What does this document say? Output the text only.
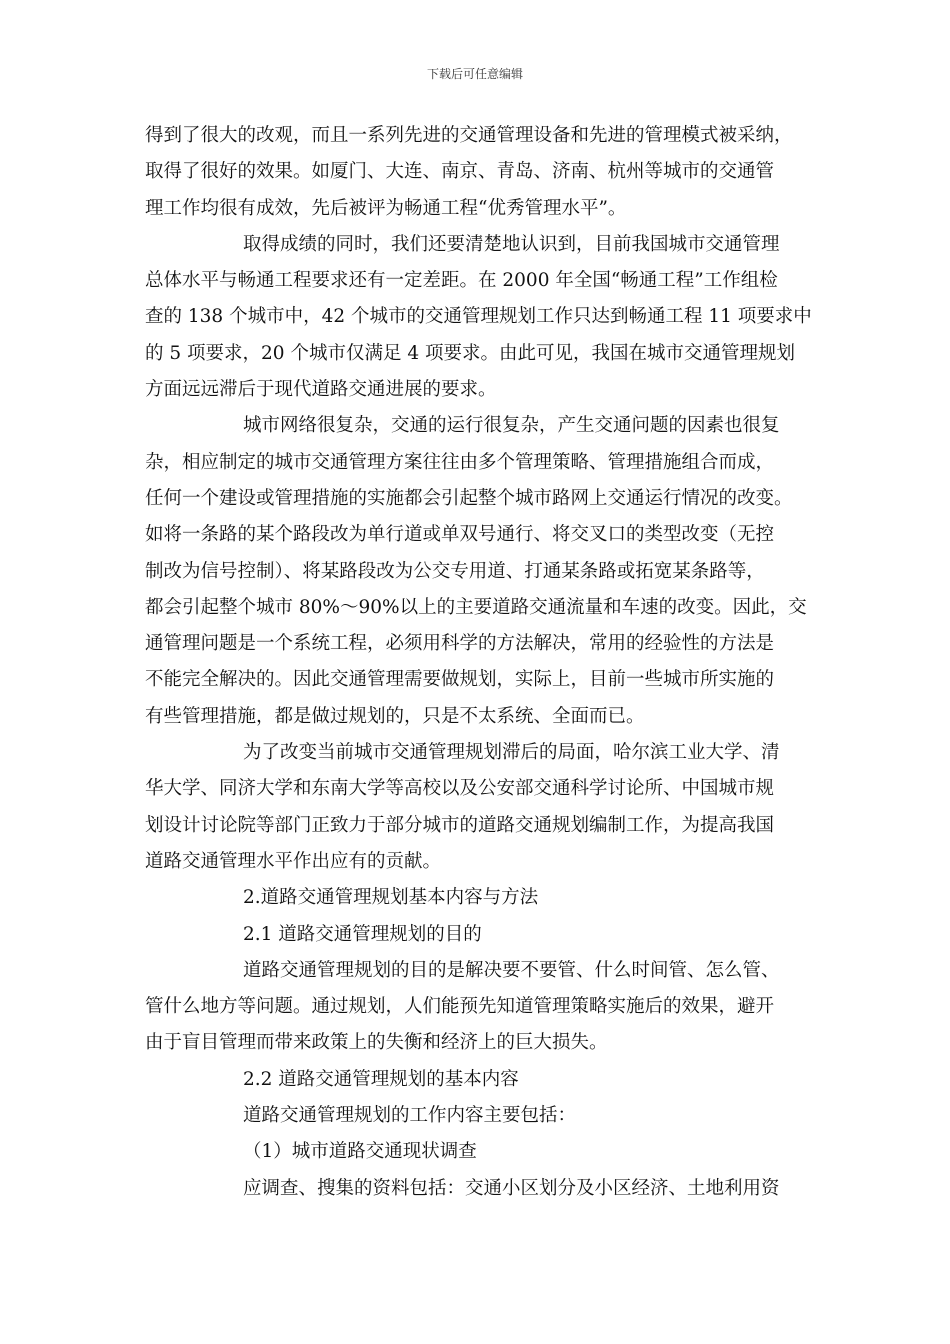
下载后可任意编辑
得到了很大的改观，而且一系列先进的交通管理设备和先进的管理模式被采纳，
取得了很好的效果。如厦门、大连、南京、青岛、济南、杭州等城市的交通管
理工作均很有成效，先后被评为畅通工程“优秀管理水平”。
取得成绩的同时，我们还要清楚地认识到，目前我国城市交通管理
总体水平与畅通工程要求还有一定差距。在 2000 年全国“畅通工程”工作组检
查的 138 个城市中，42 个城市的交通管理规划工作只达到畅通工程 11 项要求中
的 5 项要求，20 个城市仅满足 4 项要求。由此可见，我国在城市交通管理规划
方面远远滞后于现代道路交通进展的要求。
城市网络很复杂，交通的运行很复杂，产生交通问题的因素也很复
杂，相应制定的城市交通管理方案往往由多个管理策略、管理措施组合而成，
任何一个建设或管理措施的实施都会引起整个城市路网上交通运行情况的改变。
如将一条路的某个路段改为单行道或单双号通行、将交叉口的类型改变（无控
制改为信号控制）、将某路段改为公交专用道、打通某条路或拓宽某条路等，
都会引起整个城市 80%～90%以上的主要道路交通流量和车速的改变。因此，交
通管理问题是一个系统工程，必须用科学的方法解决，常用的经验性的方法是
不能完全解决的。因此交通管理需要做规划，实际上，目前一些城市所实施的
有些管理措施，都是做过规划的，只是不太系统、全面而已。
为了改变当前城市交通管理规划滞后的局面，哈尔滨工业大学、清
华大学、同济大学和东南大学等高校以及公安部交通科学讨论所、中国城市规
划设计讨论院等部门正致力于部分城市的道路交通规划编制工作，为提高我国
道路交通管理水平作出应有的贡献。
2.道路交通管理规划基本内容与方法
2.1 道路交通管理规划的目的
道路交通管理规划的目的是解决要不要管、什么时间管、怎么管、
管什么地方等问题。通过规划，人们能预先知道管理策略实施后的效果，避开
由于盲目管理而带来政策上的失衡和经济上的巨大损失。
2.2 道路交通管理规划的基本内容
道路交通管理规划的工作内容主要包括：
（1）城市道路交通现状调查
应调查、搜集的资料包括：交通小区划分及小区经济、土地利用资
